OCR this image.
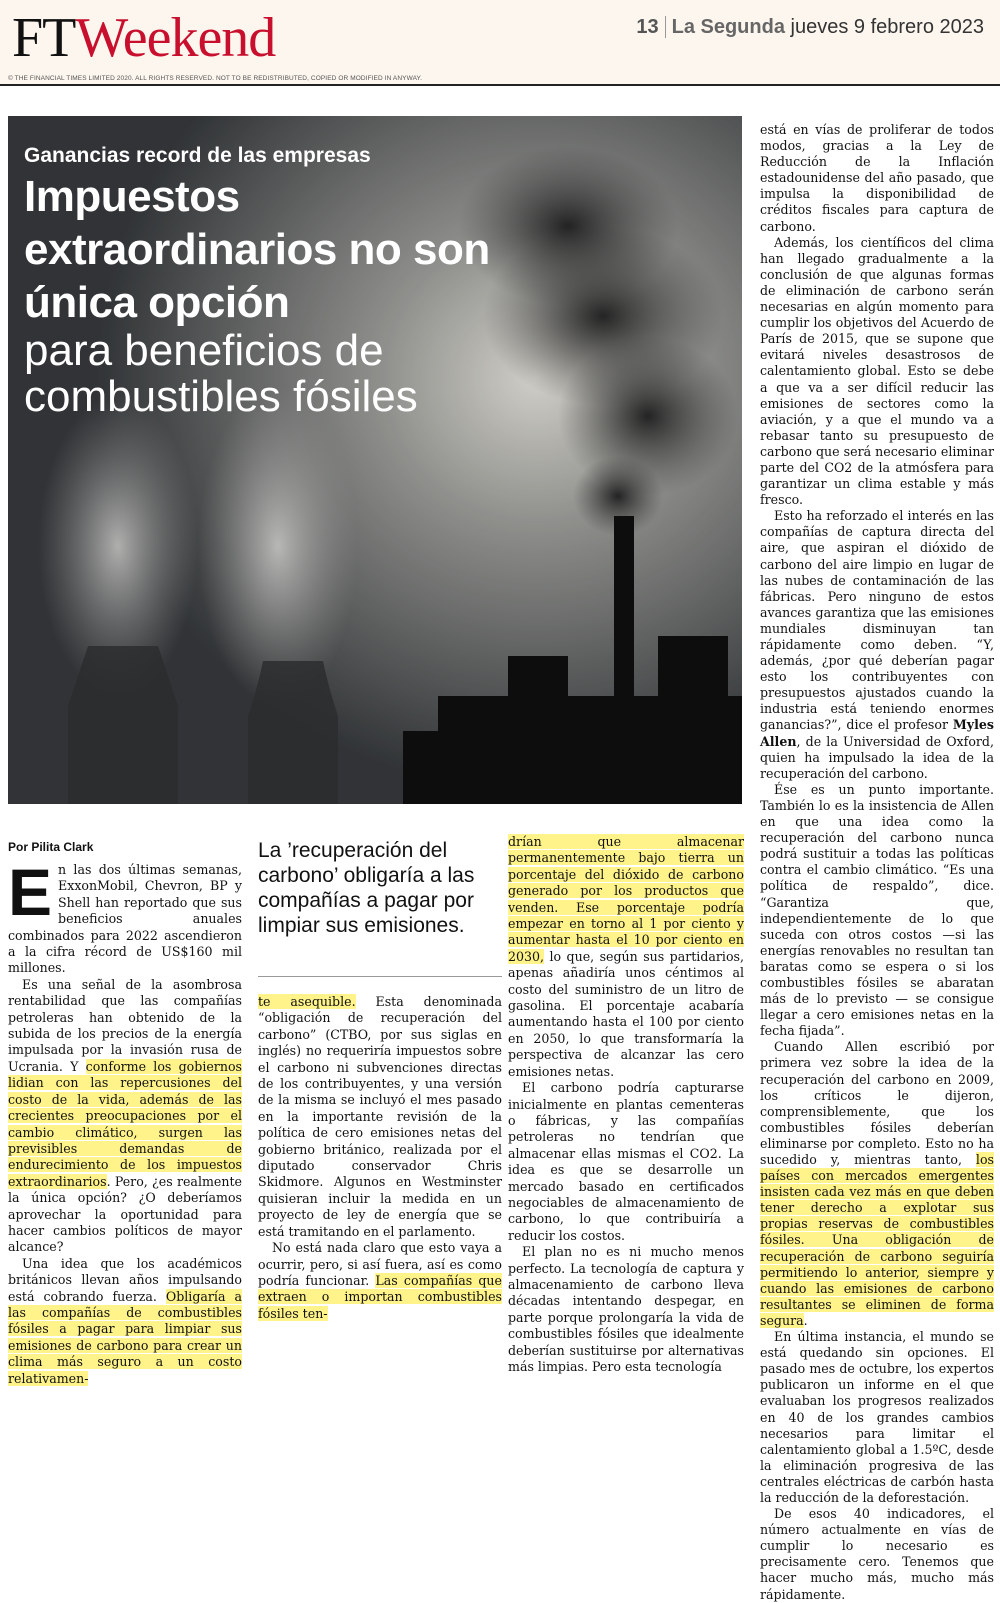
FTWeekend	13 La Segunda jueves 9 febrero 2023
© THE FINANCIAL TIMES LIMITED 2020. ALL RIGHTS RESERVED. NOT TO BE REDISTRIBUTED, COPIED OR MODIFIED IN ANYWAY.
Ganancias record de las empresas
Impuestos extraordinarios no son única opción
para beneficios de combustibles fósiles
Por Pilita Clark

En las dos últimas semanas, ExxonMobil, Chevron, BP y Shell han reportado que sus beneficios anuales combinados para 2022 ascendieron a la cifra récord de US$160 mil millones.

Es una señal de la asombrosa rentabilidad que las compañías petroleras han obtenido de la subida de los precios de la energía impulsada por la invasión rusa de Ucrania. Y conforme los gobiernos lidian con las repercusiones del costo de la vida, además de las crecientes preocupaciones por el cambio climático, surgen las previsibles demandas de endurecimiento de los impuestos extraordinarios. Pero, ¿es realmente la única opción? ¿O deberíamos aprovechar la oportunidad para hacer cambios políticos de mayor alcance?

Una idea que los académicos británicos llevan años impulsando está cobrando fuerza. Obligaría a las compañías de combustibles fósiles a pagar para limpiar sus emisiones de carbono para crear un clima más seguro a un costo relativamen-

La ’recuperación del carbono’ obligaría a las compañías a pagar por limpiar sus emisiones.

te asequible. Esta denominada “obligación de recuperación del carbono” (CTBO, por sus siglas en inglés) no requeriría impuestos sobre el carbono ni subvenciones directas de los contribuyentes, y una versión de la misma se incluyó el mes pasado en la importante revisión de la política de cero emisiones netas del gobierno británico, realizada por el diputado conservador Chris Skidmore. Algunos en Westminster quisieran incluir la medida en un proyecto de ley de energía que se está tramitando en el parlamento.

No está nada claro que esto vaya a ocurrir, pero, si así fuera, así es como podría funcionar. Las compañías que extraen o importan combustibles fósiles ten-

drían que almacenar permanentemente bajo tierra un porcentaje del dióxido de carbono generado por los productos que venden. Ese porcentaje podría empezar en torno al 1 por ciento y aumentar hasta el 10 por ciento en 2030, lo que, según sus partidarios, apenas añadiría unos céntimos al costo del suministro de un litro de gasolina. El porcentaje acabaría aumentando hasta el 100 por ciento en 2050, lo que transformaría la perspectiva de alcanzar las cero emisiones netas.

El carbono podría capturarse inicialmente en plantas cementeras o fábricas, y las compañías petroleras no tendrían que almacenar ellas mismas el CO2. La idea es que se desarrolle un mercado basado en certificados negociables de almacenamiento de carbono, lo que contribuiría a reducir los costos.

El plan no es ni mucho menos perfecto. La tecnología de captura y almacenamiento de carbono lleva décadas intentando despegar, en parte porque prolongaría la vida de combustibles fósiles que idealmente deberían sustituirse por alternativas más limpias. Pero esta tecnología

está en vías de proliferar de todos modos, gracias a la Ley de Reducción de la Inflación estadounidense del año pasado, que impulsa la disponibilidad de créditos fiscales para captura de carbono.

Además, los científicos del clima han llegado gradualmente a la conclusión de que algunas formas de eliminación de carbono serán necesarias en algún momento para cumplir los objetivos del Acuerdo de París de 2015, que se supone que evitará niveles desastrosos de calentamiento global. Esto se debe a que va a ser difícil reducir las emisiones de sectores como la aviación, y a que el mundo va a rebasar tanto su presupuesto de carbono que será necesario eliminar parte del CO2 de la atmósfera para garantizar un clima estable y más fresco.

Esto ha reforzado el interés en las compañías de captura directa del aire, que aspiran el dióxido de carbono del aire limpio en lugar de las nubes de contaminación de las fábricas. Pero ninguno de estos avances garantiza que las emisiones mundiales disminuyan tan rápidamente como deben. “Y, además, ¿por qué deberían pagar esto los contribuyentes con presupuestos ajustados cuando la industria está teniendo enormes ganancias?”, dice el profesor Myles Allen, de la Universidad de Oxford, quien ha impulsado la idea de la recuperación del carbono.

Ése es un punto importante. También lo es la insistencia de Allen en que una idea como la recuperación del carbono nunca podrá sustituir a todas las políticas contra el cambio climático. “Es una política de respaldo”, dice. “Garantiza que, independientemente de lo que suceda con otros costos —si las energías renovables no resultan tan baratas como se espera o si los combustibles fósiles se abaratan más de lo previsto — se consigue llegar a cero emisiones netas en la fecha fijada”.

Cuando Allen escribió por primera vez sobre la idea de la recuperación del carbono en 2009, los críticos le dijeron, comprensiblemente, que los combustibles fósiles deberían eliminarse por completo. Esto no ha sucedido y, mientras tanto, los países con mercados emergentes insisten cada vez más en que deben tener derecho a explotar sus propias reservas de combustibles fósiles. Una obligación de recuperación de carbono seguiría permitiendo lo anterior, siempre y cuando las emisiones de carbono resultantes se eliminen de forma segura.

En última instancia, el mundo se está quedando sin opciones. El pasado mes de octubre, los expertos publicaron un informe en el que evaluaban los progresos realizados en 40 de los grandes cambios necesarios para limitar el calentamiento global a 1.5ºC, desde la eliminación progresiva de las centrales eléctricas de carbón hasta la reducción de la deforestación.

De esos 40 indicadores, el número actualmente en vías de cumplir lo necesario es precisamente cero. Tenemos que hacer mucho más, mucho más rápidamente.
